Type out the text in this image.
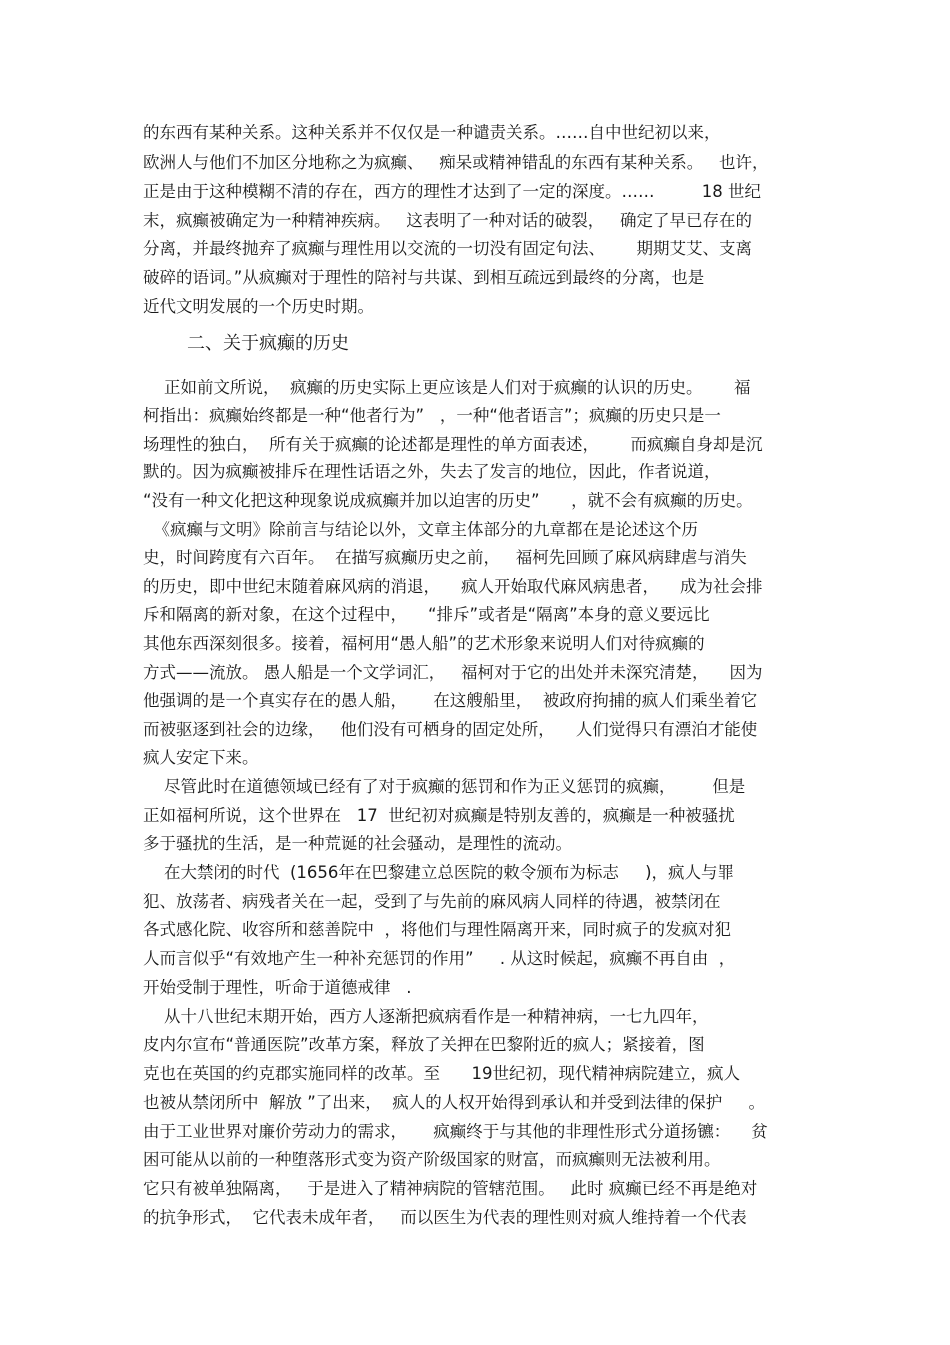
的东西有某种关系。这种关系并不仅仅是一种谴责关系。……自中世纪初以来，
欧洲人与他们不加区分地称之为疯癫、   痴呆或精神错乱的东西有某种关系。   也许，
正是由于这种模糊不清的存在，西方的理性才达到了一定的深度。……         18 世纪
末，疯癫被确定为一种精神疾病。   这表明了一种对话的破裂，   确定了早已存在的
分离，并最终抛弃了疯癫与理性用以交流的一切没有固定句法、      期期艾艾、支离
破碎的语词。”从疯癫对于理性的陪衬与共谋、到相互疏远到最终的分离，也是
近代文明发展的一个历史时期。
二、关于疯癫的历史
正如前文所说，  疯癫的历史实际上更应该是人们对于疯癫的认识的历史。      福
柯指出：疯癫始终都是一种“他者行为”   ，一种“他者语言”；疯癫的历史只是一
场理性的独白，  所有关于疯癫的论述都是理性的单方面表述，      而疯癫自身却是沉
默的。因为疯癫被排斥在理性话语之外，失去了发言的地位，因此，作者说道，
“没有一种文化把这种现象说成疯癫并加以迫害的历史”      ，就不会有疯癫的历史。
《疯癫与文明》除前言与结论以外，文章主体部分的九章都在是论述这个历
史，时间跨度有六百年。  在描写疯癫历史之前，   福柯先回顾了麻风病肆虐与消失
的历史，即中世纪末随着麻风病的消退，    疯人开始取代麻风病患者，    成为社会排
斥和隔离的新对象，在这个过程中，    “排斥”或者是“隔离”本身的意义要远比
其他东西深刻很多。接着，福柯用“愚人船”的艺术形象来说明人们对待疯癫的
方式——流放。 愚人船是一个文学词汇，   福柯对于它的出处并未深究清楚，    因为
他强调的是一个真实存在的愚人船，     在这艘船里，  被政府拘捕的疯人们乘坐着它
而被驱逐到社会的边缘，   他们没有可栖身的固定处所，    人们觉得只有漂泊才能使
疯人安定下来。
尽管此时在道德领域已经有了对于疯癫的惩罚和作为正义惩罚的疯癫，       但是
正如福柯所说，这个世界在   17  世纪初对疯癫是特别友善的，疯癫是一种被骚扰
多于骚扰的生活，是一种荒诞的社会骚动，是理性的流动。
在大禁闭的时代  (1656年在巴黎建立总医院的敕令颁布为标志     )，疯人与罪
犯、放荡者、病残者关在一起，受到了与先前的麻风病人同样的待遇，被禁闭在
各式感化院、收容所和慈善院中  ，将他们与理性隔离开来，同时疯子的发疯对犯
人而言似乎“有效地产生一种补充惩罚的作用”     . 从这时候起，疯癫不再自由  ，
开始受制于理性，听命于道德戒律   .
从十八世纪末期开始，西方人逐渐把疯病看作是一种精神病，一七九四年，
皮内尔宣布“普通医院”改革方案，释放了关押在巴黎附近的疯人；紧接着，图
克也在英国的约克郡实施同样的改革。至      19世纪初，现代精神病院建立，疯人
也被从禁闭所中  解放 ”了出来，  疯人的人权开始得到承认和并受到法律的保护     。
由于工业世界对廉价劳动力的需求，     疯癫终于与其他的非理性形式分道扬镳：    贫
困可能从以前的一种堕落形式变为资产阶级国家的财富，而疯癫则无法被利用。
它只有被单独隔离，   于是进入了精神病院的管辖范围。   此时 疯癫已经不再是绝对
的抗争形式，  它代表未成年者，   而以医生为代表的理性则对疯人维持着一个代表
